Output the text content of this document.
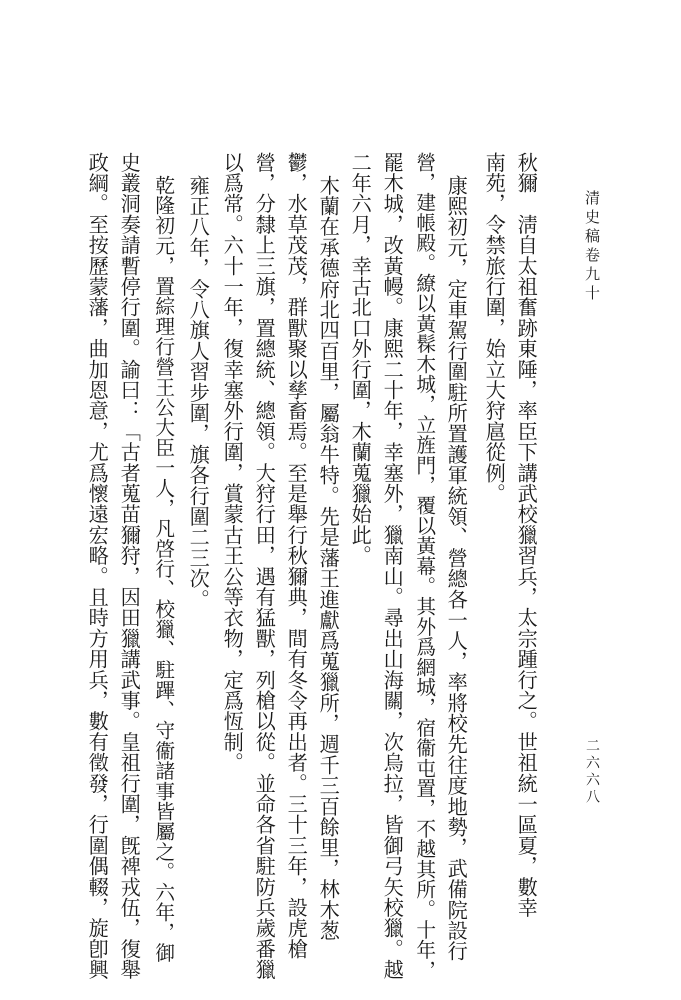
清史稿卷九十
二六六八
秋獮　淸自太祖奮跡東陲，率臣下講武校獵習兵，太宗踵行之。世祖統一區夏，數幸
南苑，令禁旅行圍，始立大狩扈從例。
康熙初元，定車駕行圍駐所置護軍統領、營總各一人，率將校先往度地勢，武備院設行
營，建帳殿。繚以黃髹木城，立旌門，覆以黃幕。其外爲網城，宿衞屯置，不越其所。十年，
罷木城，改黃幔。康熙二十年，幸塞外，獵南山。尋出山海關，次烏拉，皆御弓矢校獵。越
二年六月，幸古北口外行圍，木蘭蒐獵始此。
木蘭在承德府北四百里，屬翁牛特。先是藩王進獻爲蒐獵所，週千三百餘里，林木葱
鬱，水草茂茂，群獸聚以孳畜焉。至是舉行秋獮典，間有冬令再出者。三十三年，設虎槍
營，分隸上三旗，置總統、總領。大狩行田，遇有猛獸，列槍以從。並命各省駐防兵歲番獵
以爲常。六十一年，復幸塞外行圍，賞蒙古王公等衣物，定爲恆制。
雍正八年，令八旗人習步圍，旗各行圍二三次。
乾隆初元，置綜理行營王公大臣一人，凡啓行、校獵、駐蹕、守衞諸事皆屬之。六年，御
史叢洞奏請暫停行圍。諭曰：「古者蒐苗獮狩，因田獵講武事。皇祖行圍，旣禆戎伍，復舉
政綱。至按歷蒙藩，曲加恩意，尤爲懷遠宏略。且時方用兵，數有徵發，行圍偶輟，旋卽興
